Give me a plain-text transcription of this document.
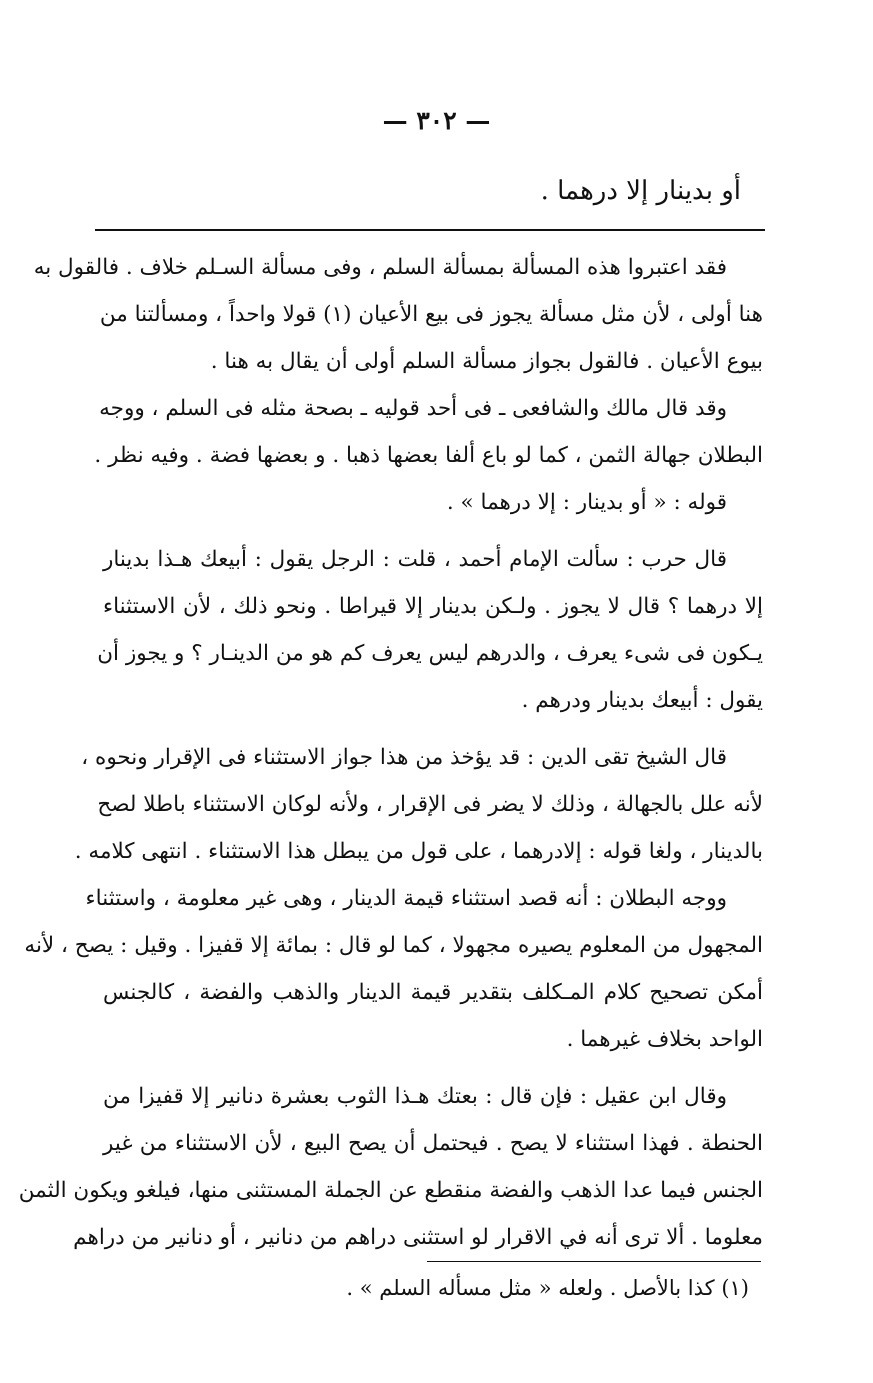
— ٣٠٢ —
أو بدينار إلا درهما .
فقد اعتبروا هذه المسألة بمسألة السلم ، وفى مسألة السـلم خلاف . فالقول به
هنا أولى ، لأن مثل مسألة يجوز فى بيع الأعيان (١) قولا واحداً ، ومسألتنا من
بيوع الأعيان . فالقول بجواز مسألة السلم أولى أن يقال به هنا .
وقد قال مالك والشافعى ـ فى أحد قوليه ـ بصحة مثله فى السلم ، ووجه
البطلان جهالة الثمن ، كما لو باع ألفا بعضها ذهبا . و بعضها فضة . وفيه نظر .
قوله : « أو بدينار : إلا درهما » .
قال حرب : سألت الإمام أحمد ، قلت : الرجل يقول : أبيعك هـذا بدينار
إلا درهما ؟ قال لا يجوز . ولـكن بدينار إلا قيراطا . ونحو ذلك ، لأن الاستثناء
يـكون فى شىء يعرف ، والدرهم ليس يعرف كم هو من الدينـار ؟ و يجوز أن
يقول : أبيعك بدينار ودرهم .
قال الشيخ تقى الدين : قد يؤخذ من هذا جواز الاستثناء فى الإقرار ونحوه ،
لأنه علل بالجهالة ، وذلك لا يضر فى الإقرار ، ولأنه لوكان الاستثناء باطلا لصح
بالدينار ، ولغا قوله : إلادرهما ، على قول من يبطل هذا الاستثناء . انتهى كلامه .
ووجه البطلان : أنه قصد استثناء قيمة الدينار ، وهى غير معلومة ، واستثناء
المجهول من المعلوم يصيره مجهولا ، كما لو قال : بمائة إلا قفيزا . وقيل : يصح ، لأنه
أمكن تصحيح كلام المـكلف بتقدير قيمة الدينار والذهب والفضة ، كالجنس
الواحد بخلاف غيرهما .
وقال ابن عقيل : فإن قال : بعتك هـذا الثوب بعشرة دنانير إلا قفيزا من
الحنطة . فهذا استثناء لا يصح . فيحتمل أن يصح البيع ، لأن الاستثناء من غير
الجنس فيما عدا الذهب والفضة منقطع عن الجملة المستثنى منها، فيلغو ويكون الثمن
معلوما . ألا ترى أنه في الاقرار لو استثنى دراهم من دنانير ، أو دنانير من دراهم
(١) كذا بالأصل . ولعله « مثل مسأله السلم » .
